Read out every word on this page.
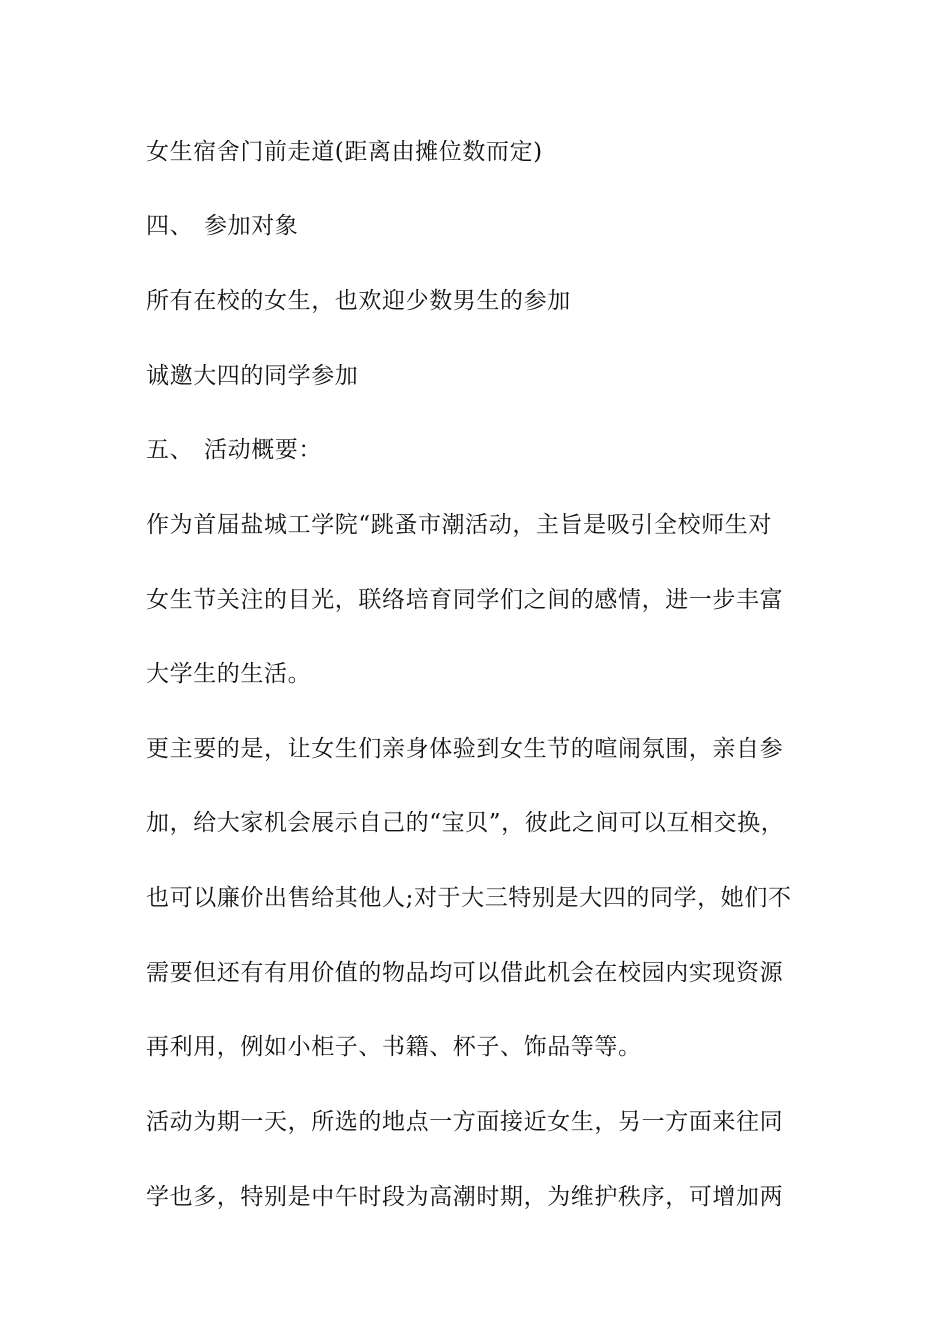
女生宿舍门前走道(距离由摊位数而定)
四、 参加对象
所有在校的女生，也欢迎少数男生的参加
诚邀大四的同学参加
五、 活动概要：
作为首届盐城工学院“跳蚤市潮活动，主旨是吸引全校师生对
女生节关注的目光，联络培育同学们之间的感情，进一步丰富
大学生的生活。
更主要的是，让女生们亲身体验到女生节的喧闹氛围，亲自参
加，给大家机会展示自己的“宝贝”，彼此之间可以互相交换，
也可以廉价出售给其他人;对于大三特别是大四的同学，她们不
需要但还有有用价值的物品均可以借此机会在校园内实现资源
再利用，例如小柜子、书籍、杯子、饰品等等。
活动为期一天，所选的地点一方面接近女生，另一方面来往同
学也多，特别是中午时段为高潮时期，为维护秩序，可增加两
